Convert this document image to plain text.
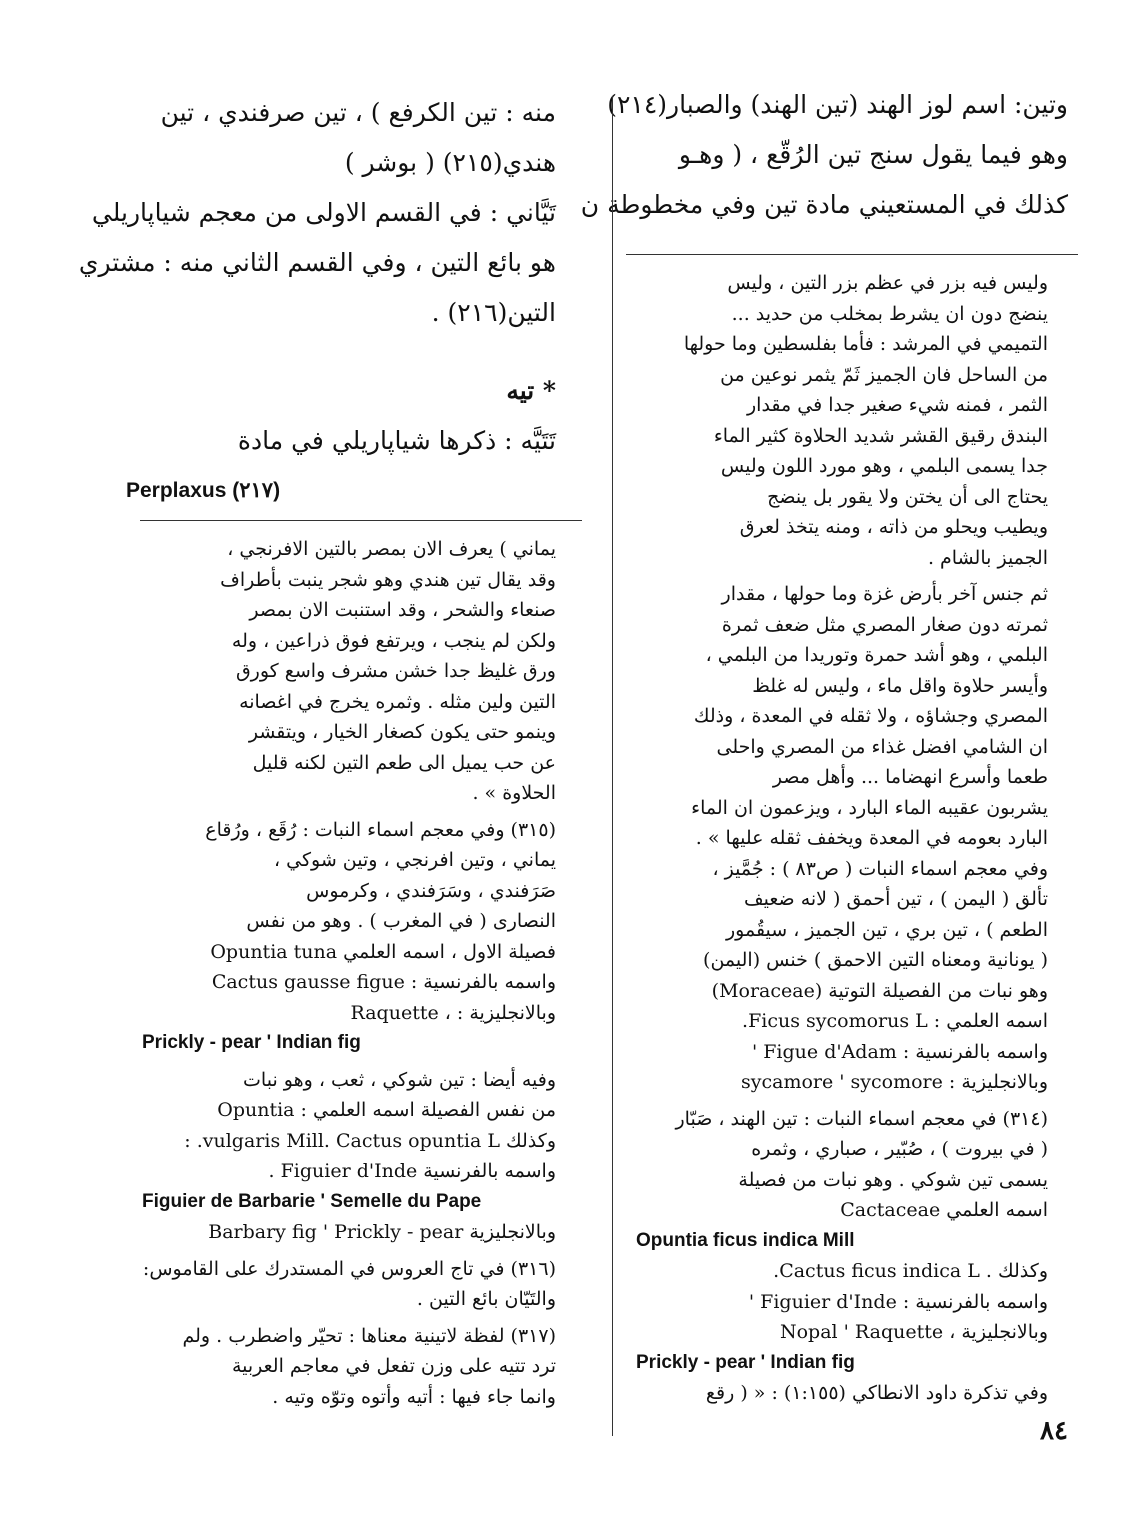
وتين: اسم لوز الهند (تين الهند) والصبار(٢١٤)
وهو فيما يقول سنج تين الرُقّع ، ( وهـو
كذلك في المستعيني مادة تين وفي مخطوطة ن
وليس فيه بزر في عظم بزر التين ، وليس
ينضج دون ان يشرط بمخلب من حديد ...
التميمي في المرشد : فأما بفلسطين وما حولها
من الساحل فان الجميز ثَمّ يثمر نوعين من
الثمر ، فمنه شيء صغير جدا في مقدار
البندق رقيق القشر شديد الحلاوة كثير الماء
جدا يسمى البلمي ، وهو مورد اللون وليس
يحتاج الى أن يختن ولا يقور بل ينضج
ويطيب ويحلو من ذاته ، ومنه يتخذ لعرق
الجميز بالشام .
ثم جنس آخر بأرض غزة وما حولها ، مقدار
ثمرته دون صغار المصري مثل ضعف ثمرة
البلمي ، وهو أشد حمرة وتوريدا من البلمي ،
وأيسر حلاوة واقل ماء ، وليس له غلظ
المصري وجشاؤه ، ولا ثقله في المعدة ، وذلك
ان الشامي افضل غذاء من المصري واحلى
طعما وأسرع انهضاما ... وأهل مصر
يشربون عقيبه الماء البارد ، ويزعمون ان الماء
البارد بعومه في المعدة ويخفف ثقله عليها » .
وفي معجم اسماء النبات ( ص٨٣ ) : جُمَّيز ،
تألق ( اليمن ) ، تين أحمق ( لانه ضعيف
الطعم ) ، تين بري ، تين الجميز ، سيقُمور
( يونانية ومعناه التين الاحمق ) خنس (اليمن)
وهو نبات من الفصيلة التوتية (Moraceae)
اسمه العلمي : Ficus sycomorus L.
واسمه بالفرنسية : Figue d'Adam '
وبالانجليزية : sycamore ' sycomore
(٣١٤) في معجم اسماء النبات : تين الهند ، صَبّار
( في بيروت ) ، صُبّير ، صباري ، وثمره
يسمى تين شوكي . وهو نبات من فصيلة
اسمه العلمي Cactaceae
Opuntia ficus indica Mill
وكذلك . Cactus ficus indica L.
واسمه بالفرنسية : Figuier d'Inde '
وبالانجليزية ، Nopal ' Raquette
Prickly - pear ' Indian fig
وفي تذكرة داود الانطاكي (١:١٥٥) : « ( رقع
منه : تين الكرفع ) ، تين صرفندي ، تين
هندي(٢١٥) ( بوشر )
تَيَّاني : في القسم الاولى من معجم شياپاريلي
هو بائع التين ، وفي القسم الثاني منه : مشتري
التين(٢١٦) .
* تيه
تَتَيَّه : ذكرها شياپاريلي في مادة
Perplaxus (٢١٧)
يماني ) يعرف الان بمصر بالتين الافرنجي ،
وقد يقال تين هندي وهو شجر ينبت بأطراف
صنعاء والشحر ، وقد استنبت الان بمصر
ولكن لم ينجب ، ويرتفع فوق ذراعين ، وله
ورق غليظ جدا خشن مشرف واسع كورق
التين ولين مثله . وثمره يخرج في اغصانه
وينمو حتى يكون كصغار الخيار ، ويتقشر
عن حب يميل الى طعم التين لكنه قليل
الحلاوة » .
(٣١٥) وفي معجم اسماء النبات : رُقَع ، ورُقاع
يماني ، وتين افرنجي ، وتين شوكي ،
صَرَفندي ، وسَرَفندي ، وكرموس
النصارى ( في المغرب ) . وهو من نفس
فصيلة الاول ، اسمه العلمي Opuntia tuna
واسمه بالفرنسية : Cactus gausse figue
وبالانجليزية : ، Raquette
Prickly - pear ' Indian fig
وفيه أيضا : تين شوكي ، ثعب ، وهو نبات
من نفس الفصيلة اسمه العلمي : Opuntia
وكذلك vulgaris Mill. Cactus opuntia L. :
واسمه بالفرنسية Figuier d'Inde .
Figuier de Barbarie ' Semelle du Pape
وبالانجليزية Barbary fig ' Prickly - pear
(٣١٦) في تاج العروس في المستدرك على القاموس:
والتَيّان بائع التين .
(٣١٧) لفظة لاتينية معناها : تحيّر واضطرب . ولم
ترد تتيه على وزن تفعل في معاجم العربية
وانما جاء فيها : أتيه وأتوه وتوّه وتيه .
٨٤
